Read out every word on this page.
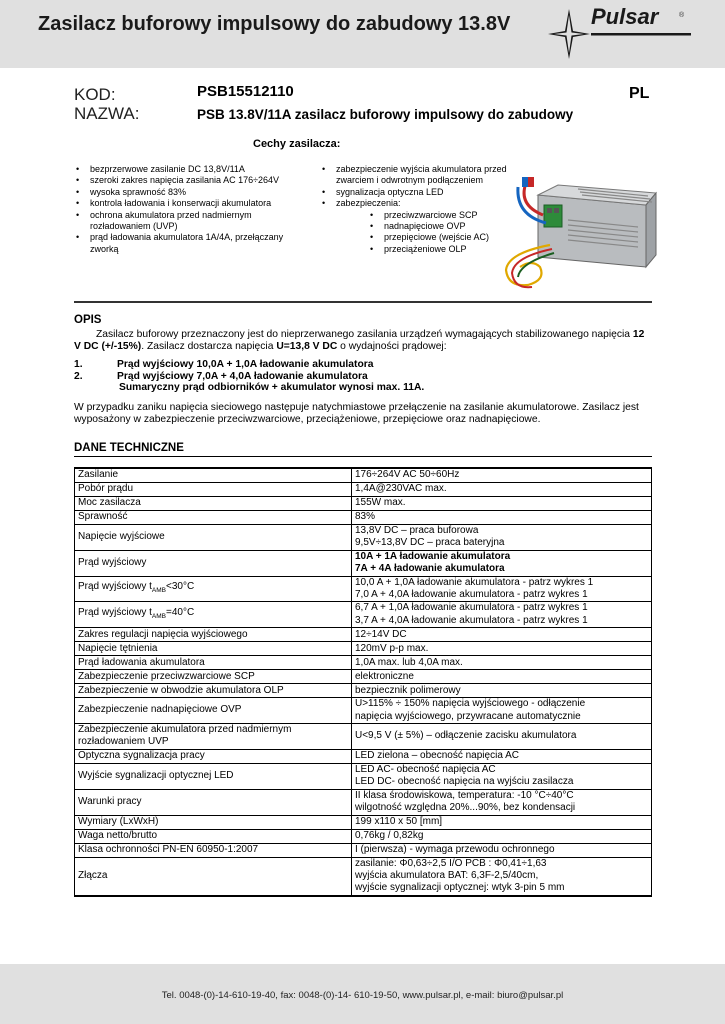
Zasilacz buforowy impulsowy do zabudowy 13.8V	Pulsar	®
KOD:	PSB15512110
NAZWA:	PSB 13.8V/11A zasilacz buforowy impulsowy do zabudowy
PL
Cechy zasilacza:
• bezprzerwowe zasilanie DC 13,8V/11A
• szeroki zakres napięcia zasilania AC 176÷264V
• wysoka sprawność 83%
• kontrola ładowania i konserwacji akumulatora
• ochrona akumulatora przed nadmiernym rozładowaniem (UVP)
• prąd ładowania akumulatora 1A/4A, przełączany zworką
• zabezpieczenie wyjścia akumulatora przed zwarciem i odwrotnym podłączeniem
• sygnalizacja optyczna LED
• zabezpieczenia:
• przeciwzwarciowe SCP
• nadnapięciowe OVP
• przepięciowe (wejście AC)
• przeciążeniowe OLP
OPIS

Zasilacz buforowy przeznaczony jest do nieprzerwanego zasilania urządzeń wymagających stabilizowanego napięcia 12 V DC (+/-15%). Zasilacz dostarcza napięcia U=13,8 V DC o wydajności prądowej:

1.	Prąd wyjściowy 10,0A + 1,0A ładowanie akumulatora
2.	Prąd wyjściowy 7,0A + 4,0A ładowanie akumulatora
Sumaryczny prąd odbiorników + akumulator wynosi max. 11A.

W przypadku zaniku napięcia sieciowego następuje natychmiastowe przełączenie na zasilanie akumulatorowe. Zasilacz jest wyposażony w zabezpieczenie przeciwzwarciowe, przeciążeniowe, przepięciowe oraz nadnapięciowe.

DANE TECHNICZNE
Zasilanie	176÷264V AC 50÷60Hz

Pobór prądu	1,4A@230VAC max.

Moc zasilacza	155W max.

Sprawność	83%

Napięcie wyjściowe	13,8V DC – praca buforowa
9,5V÷13,8V DC – praca bateryjna

Prąd wyjściowy	10A + 1A ładowanie akumulatora
7A + 4A ładowanie akumulatora

Prąd wyjściowy $t_{AMB}<30^\circ C$	10,0 A + 1,0A ładowanie akumulatora - patrz wykres 1
7,0 A + 4,0A ładowanie akumulatora - patrz wykres 1

Prąd wyjściowy $t_{AMB}=40^\circ C$	6,7 A + 1,0A ładowanie akumulatora - patrz wykres 1
3,7 A + 4,0A ładowanie akumulatora - patrz wykres 1

Zakres regulacji napięcia wyjściowego	12÷14V DC

Napięcie tętnienia	120mV p-p max.

Prąd ładowania akumulatora	1,0A max. lub 4,0A max.

Zabezpieczenie przeciwzwarciowe SCP	elektroniczne

Zabezpieczenie w obwodzie akumulatora OLP	bezpiecznik polimerowy

Zabezpieczenie nadnapięciowe OVP	U>115% ÷ 150% napięcia wyjściowego - odłączenie
napięcia wyjściowego, przywracane automatycznie

Zabezpieczenie akumulatora przed nadmiernym rozładowaniem UVP	U<9,5 V (± 5%) – odłączenie zacisku akumulatora

Optyczna sygnalizacja pracy	LED zielona – obecność napięcia AC

Wyjście sygnalizacji optycznej LED	LED AC- obecność napięcia AC
LED DC- obecność napięcia na wyjściu zasilacza

Warunki pracy	II klasa środowiskowa, temperatura: -10 °C÷40°C
wilgotność względna 20%...90%, bez kondensacji

Wymiary (LxWxH)	199 x110 x 50 [mm]

Waga netto/brutto	0,76kg / 0,82kg

Klasa ochronności PN-EN 60950-1:2007	I (pierwsza) - wymaga przewodu ochronnego

Złącza	zasilanie: Φ0,63÷2,5 I/O PCB : Φ0,41÷1,63
wyjścia akumulatora BAT: 6,3F-2,5/40cm,
wyjście sygnalizacji optycznej: wtyk 3-pin 5 mm
Tel. 0048-(0)-14-610-19-40, fax: 0048-(0)-14- 610-19-50, www.pulsar.pl, e-mail: biuro@pulsar.pl
